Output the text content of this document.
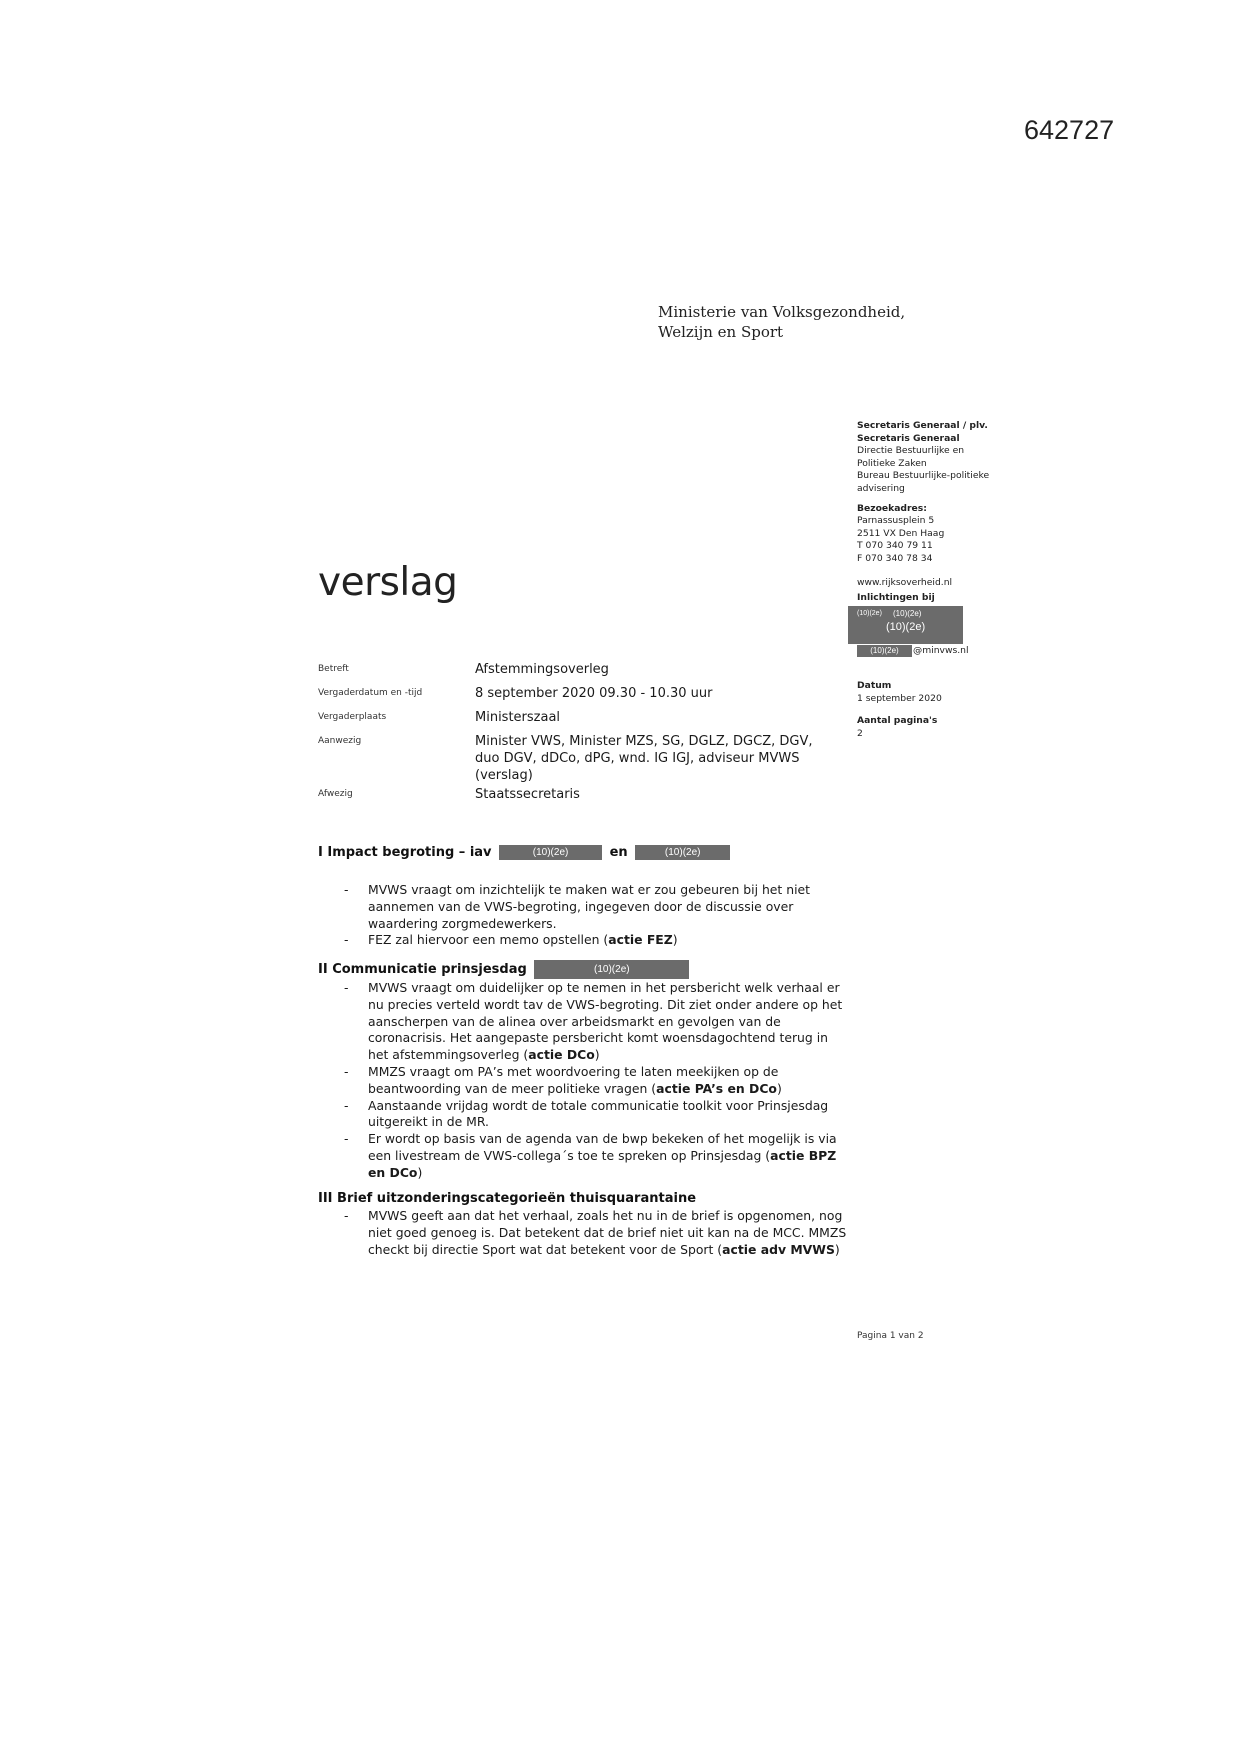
642727
Ministerie van Volksgezondheid,
Welzijn en Sport
Secretaris Generaal / plv.
Secretaris Generaal
Directie Bestuurlijke en
Politieke Zaken
Bureau Bestuurlijke-politieke
advisering
Bezoekadres:
Parnassusplein 5
2511 VX Den Haag
T 070 340 79 11
F 070 340 78 34
www.rijksoverheid.nl
Inlichtingen bij
(10)(2e) (10)(2e)
(10)(2e)
(10)(2e) @minvws.nl
Datum
1 september 2020
Aantal pagina's
2
verslag
Betreft	Afstemmingsoverleg
Vergaderdatum en -tijd	8 september 2020 09.30 - 10.30 uur
Vergaderplaats	Ministerszaal
Aanwezig	Minister VWS, Minister MZS, SG, DGLZ, DGCZ, DGV, duo DGV, dDCo, dPG, wnd. IG IGJ, adviseur MVWS (verslag)
Afwezig	Staatssecretaris
I Impact begroting – iav	(10)(2e)	en	(10)(2e)
- MVWS vraagt om inzichtelijk te maken wat er zou gebeuren bij het niet aannemen van de VWS-begroting, ingegeven door de discussie over waardering zorgmedewerkers.
- FEZ zal hiervoor een memo opstellen (actie FEZ)
II Communicatie prinsjesdag	(10)(2e)
- MVWS vraagt om duidelijker op te nemen in het persbericht welk verhaal er nu precies verteld wordt tav de VWS-begroting. Dit ziet onder andere op het aanscherpen van de alinea over arbeidsmarkt en gevolgen van de coronacrisis. Het aangepaste persbericht komt woensdagochtend terug in het afstemmingsoverleg (actie DCo)
- MMZS vraagt om PA’s met woordvoering te laten meekijken op de beantwoording van de meer politieke vragen (actie PA’s en DCo)
- Aanstaande vrijdag wordt de totale communicatie toolkit voor Prinsjesdag uitgereikt in de MR.
- Er wordt op basis van de agenda van de bwp bekeken of het mogelijk is via een livestream de VWS-collega´s toe te spreken op Prinsjesdag (actie BPZ en DCo)
III Brief uitzonderingscategorieën thuisquarantaine
- MVWS geeft aan dat het verhaal, zoals het nu in de brief is opgenomen, nog niet goed genoeg is. Dat betekent dat de brief niet uit kan na de MCC. MMZS checkt bij directie Sport wat dat betekent voor de Sport (actie adv MVWS)
Pagina 1 van 2
